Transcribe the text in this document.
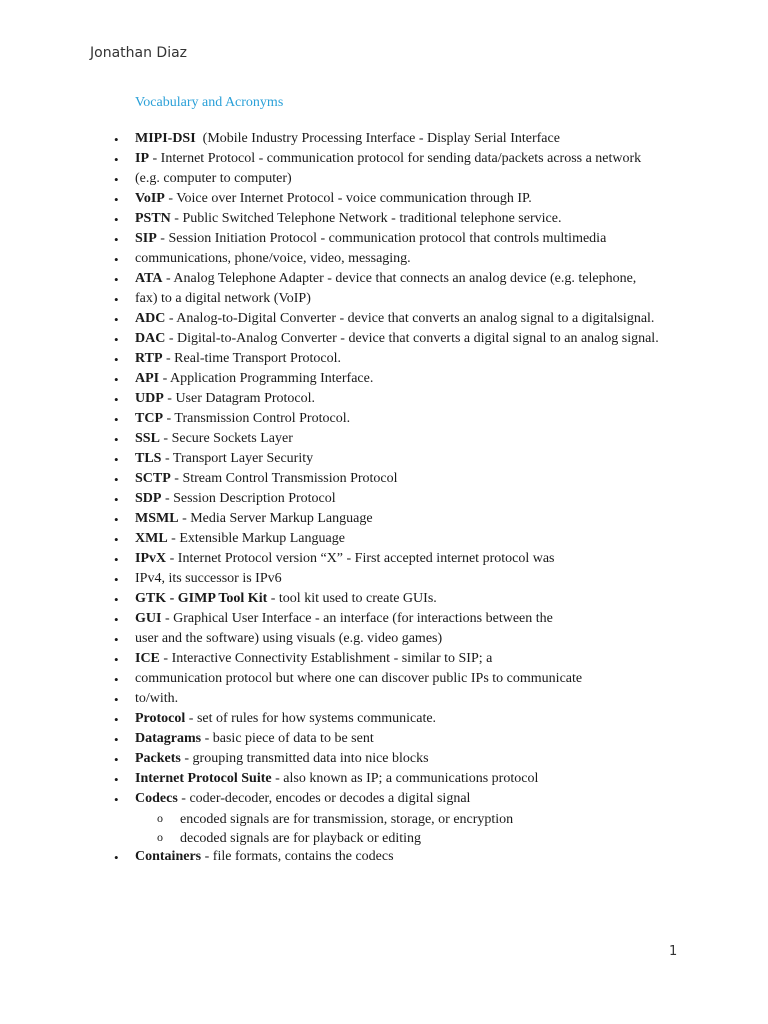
Jonathan Diaz

Vocabulary and Acronyms
• MIPI-DSI  (Mobile Industry Processing Interface - Display Serial Interface
• IP - Internet Protocol - communication protocol for sending data/packets across a network
• (e.g. computer to computer)
• VoIP - Voice over Internet Protocol - voice communication through IP.
• PSTN - Public Switched Telephone Network - traditional telephone service.
• SIP - Session Initiation Protocol - communication protocol that controls multimedia
• communications, phone/voice, video, messaging.
• ATA - Analog Telephone Adapter - device that connects an analog device (e.g. telephone,
• fax) to a digital network (VoIP)
• ADC - Analog-to-Digital Converter - device that converts an analog signal to a digitalsignal.
• DAC - Digital-to-Analog Converter - device that converts a digital signal to an analog signal.
• RTP - Real-time Transport Protocol.
• API - Application Programming Interface.
• UDP - User Datagram Protocol.
• TCP - Transmission Control Protocol.
• SSL - Secure Sockets Layer
• TLS - Transport Layer Security
• SCTP - Stream Control Transmission Protocol
• SDP - Session Description Protocol
• MSML - Media Server Markup Language
• XML - Extensible Markup Language
• IPvX - Internet Protocol version “X” - First accepted internet protocol was
• IPv4, its successor is IPv6
• GTK - GIMP Tool Kit - tool kit used to create GUIs.
• GUI - Graphical User Interface - an interface (for interactions between the
• user and the software) using visuals (e.g. video games)
• ICE - Interactive Connectivity Establishment - similar to SIP; a
• communication protocol but where one can discover public IPs to communicate
• to/with.
• Protocol - set of rules for how systems communicate.
• Datagrams - basic piece of data to be sent
• Packets - grouping transmitted data into nice blocks
• Internet Protocol Suite - also known as IP; a communications protocol
• Codecs - coder-decoder, encodes or decodes a digital signal
o encoded signals are for transmission, storage, or encryption
o decoded signals are for playback or editing
• Containers - file formats, contains the codecs

1
